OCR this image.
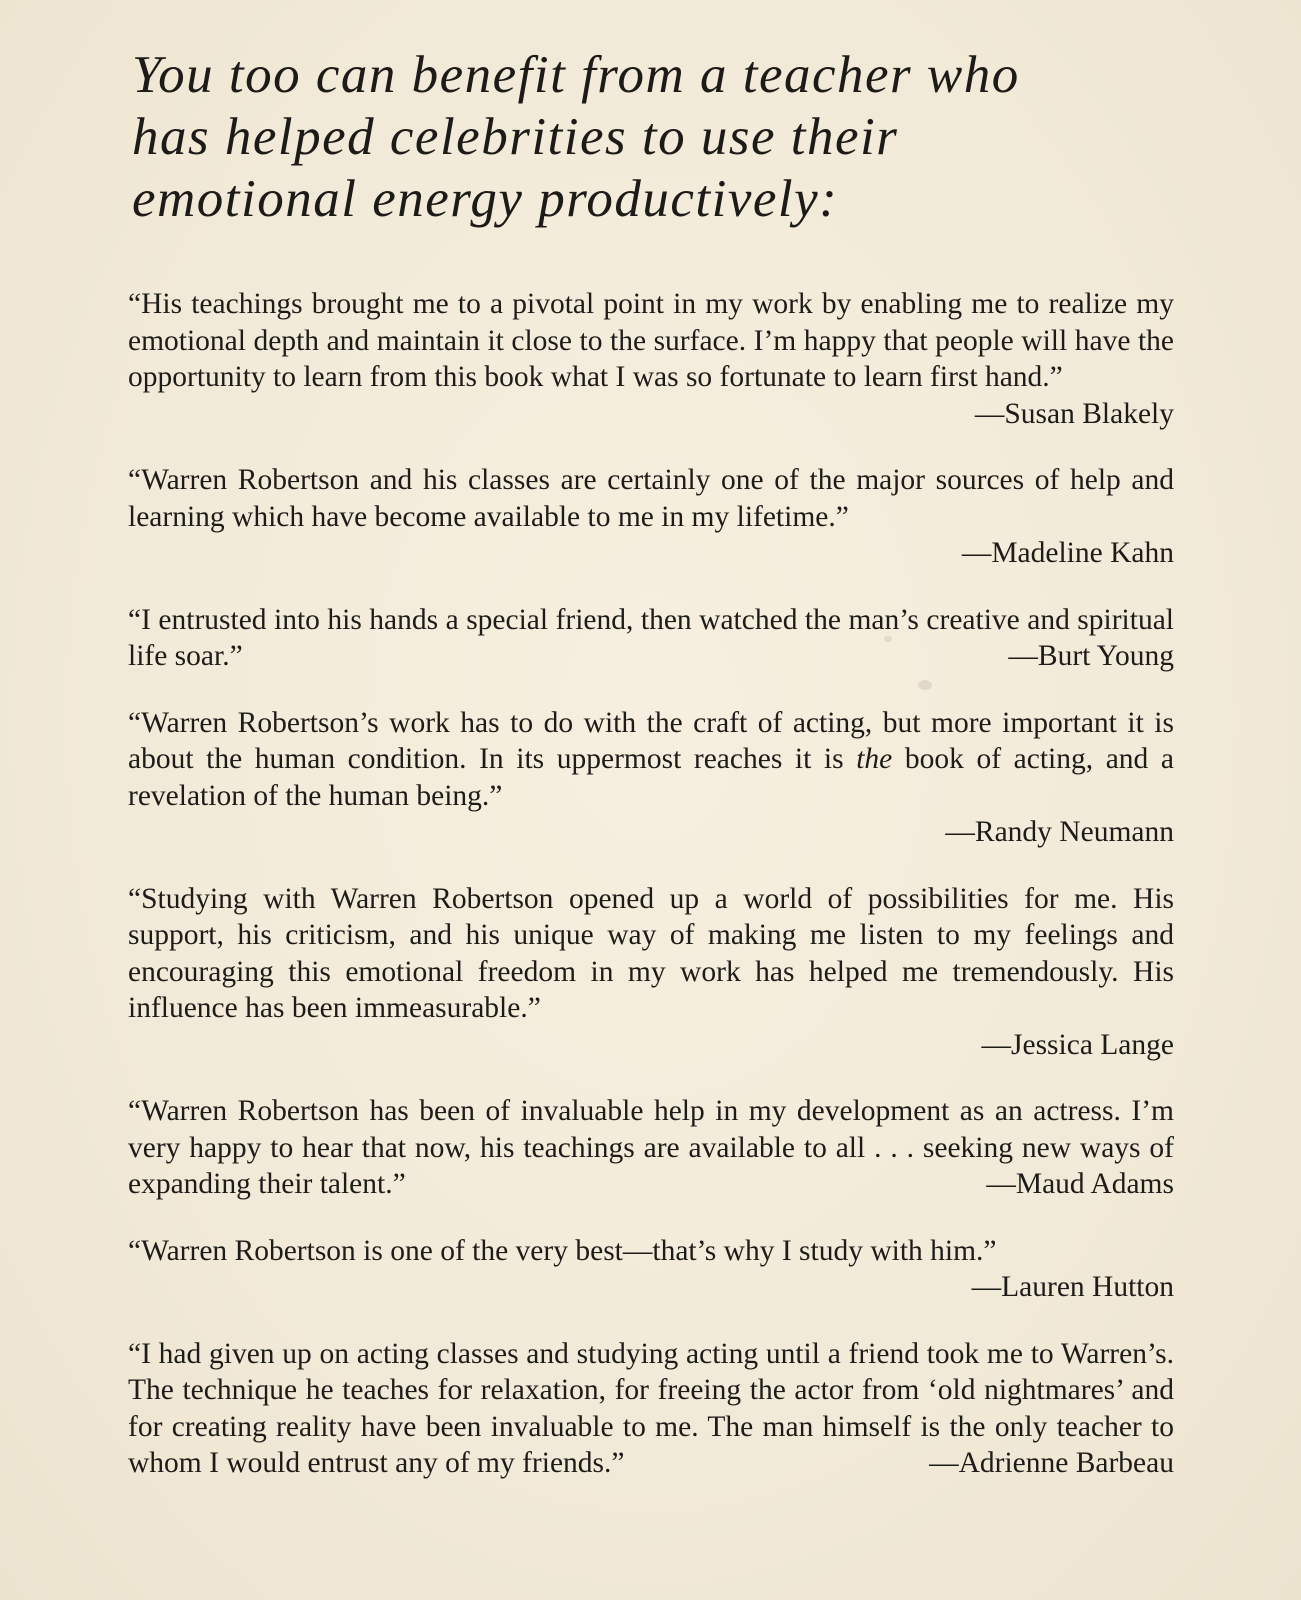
You too can benefit from a teacher who
has helped celebrities to use their
emotional energy productively:
“His teachings brought me to a pivotal point in my work by enabling me to realize my emotional depth and maintain it close to the surface. I’m happy that people will have the opportunity to learn from this book what I was so fortunate to learn first hand.”
—Susan Blakely
“Warren Robertson and his classes are certainly one of the major sources of help and learning which have become available to me in my lifetime.”
—Madeline Kahn
“I entrusted into his hands a special friend, then watched the man’s creative and spiritual life soar.”	—Burt Young
“Warren Robertson’s work has to do with the craft of acting, but more important it is about the human condition. In its uppermost reaches it is the book of acting, and a revelation of the human being.”
—Randy Neumann
“Studying with Warren Robertson opened up a world of possibilities for me. His support, his criticism, and his unique way of making me listen to my feelings and encouraging this emotional freedom in my work has helped me tremendously. His influence has been immeasurable.”
—Jessica Lange
“Warren Robertson has been of invaluable help in my development as an actress. I’m very happy to hear that now, his teachings are available to all . . . seeking new ways of expanding their talent.”	—Maud Adams
“Warren Robertson is one of the very best—that’s why I study with him.”
—Lauren Hutton
“I had given up on acting classes and studying acting until a friend took me to Warren’s. The technique he teaches for relaxation, for freeing the actor from ‘old nightmares’ and for creating reality have been invaluable to me. The man himself is the only teacher to whom I would entrust any of my friends.”	—Adrienne Barbeau
